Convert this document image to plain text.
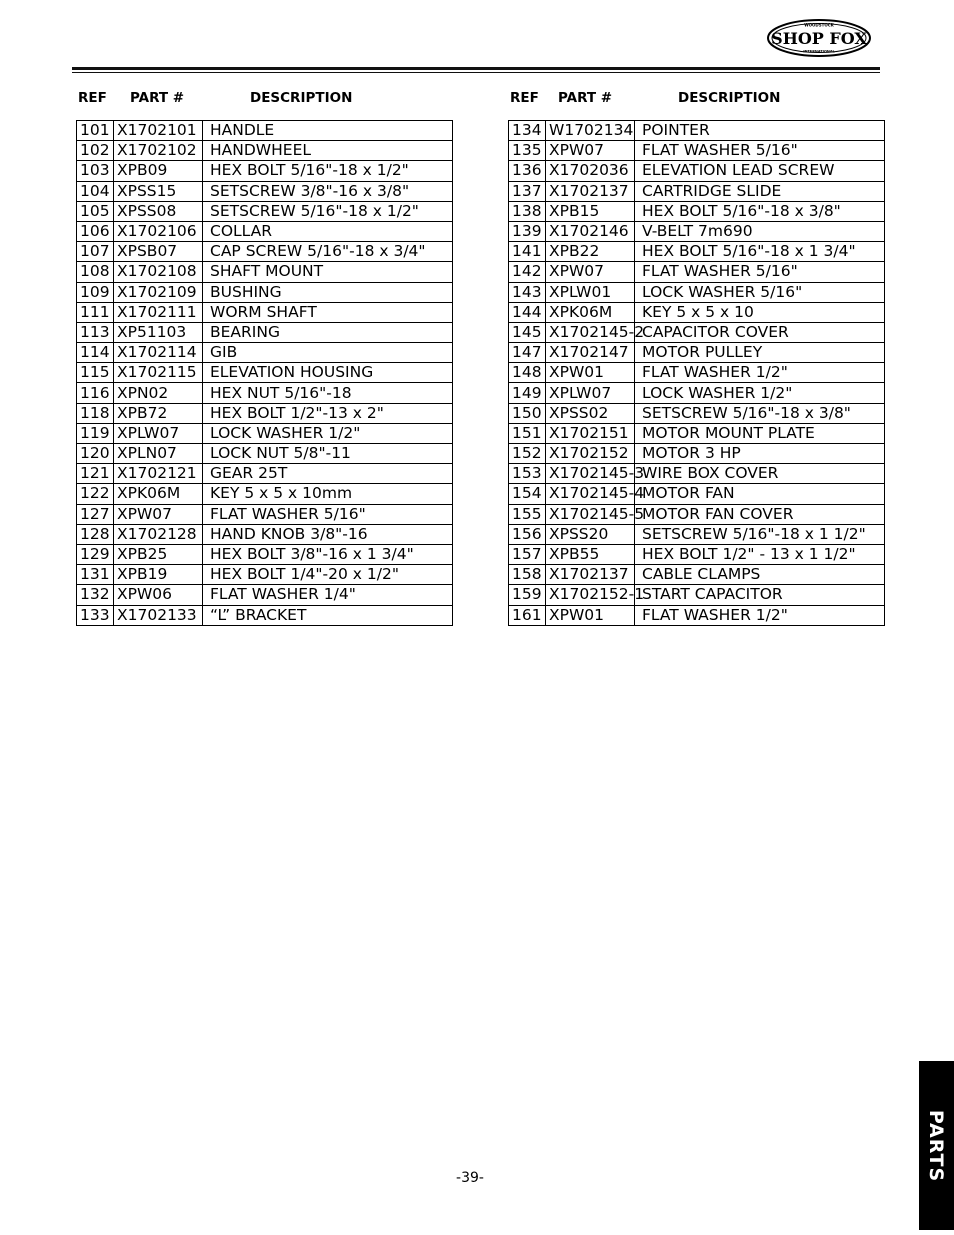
WOODSTOCK
SHOP FOX
INTERNATIONAL
REF PART #	DESCRIPTION	REF PART #	DESCRIPTION
101	X1702101	HANDLE
102	X1702102	HANDWHEEL
103	XPB09	HEX BOLT 5/16"-18 x 1/2"
104	XPSS15	SETSCREW 3/8"-16 x 3/8"
105	XPSS08	SETSCREW 5/16"-18 x 1/2"
106	X1702106	COLLAR
107	XPSB07	CAP SCREW 5/16"-18 x 3/4"
108	X1702108	SHAFT MOUNT
109	X1702109	BUSHING
111	X1702111	WORM SHAFT
113	XP51103	BEARING
114	X1702114	GIB
115	X1702115	ELEVATION HOUSING
116	XPN02	HEX NUT 5/16"-18
118	XPB72	HEX BOLT 1/2"-13 x 2"
119	XPLW07	LOCK WASHER 1/2"
120	XPLN07	LOCK NUT 5/8"-11
121	X1702121	GEAR 25T
122	XPK06M	KEY 5 x 5 x 10mm
127	XPW07	FLAT WASHER 5/16"
128	X1702128	HAND KNOB 3/8"-16
129	XPB25	HEX BOLT 3/8"-16 x 1 3/4"
131	XPB19	HEX BOLT 1/4"-20 x 1/2"
132	XPW06	FLAT WASHER 1/4"
133	X1702133	“L” BRACKET
134	W1702134	POINTER
135	XPW07	FLAT WASHER 5/16"
136	X1702036	ELEVATION LEAD SCREW
137	X1702137	CARTRIDGE SLIDE
138	XPB15	HEX BOLT 5/16"-18 x 3/8"
139	X1702146	V-BELT 7m690
141	XPB22	HEX BOLT 5/16"-18 x 1 3/4"
142	XPW07	FLAT WASHER 5/16"
143	XPLW01	LOCK WASHER 5/16"
144	XPK06M	KEY 5 x 5 x 10
145	X1702145-2	CAPACITOR COVER
147	X1702147	MOTOR PULLEY
148	XPW01	FLAT WASHER 1/2"
149	XPLW07	LOCK WASHER 1/2"
150	XPSS02	SETSCREW 5/16"-18 x 3/8"
151	X1702151	MOTOR MOUNT PLATE
152	X1702152	MOTOR 3 HP
153	X1702145-3	WIRE BOX COVER
154	X1702145-4	MOTOR FAN
155	X1702145-5	MOTOR FAN COVER
156	XPSS20	SETSCREW 5/16"-18 x 1 1/2"
157	XPB55	HEX BOLT 1/2" - 13 x 1 1/2"
158	X1702137	CABLE CLAMPS
159	X1702152-1	START CAPACITOR
161	XPW01	FLAT WASHER 1/2"
PARTS
-39-
